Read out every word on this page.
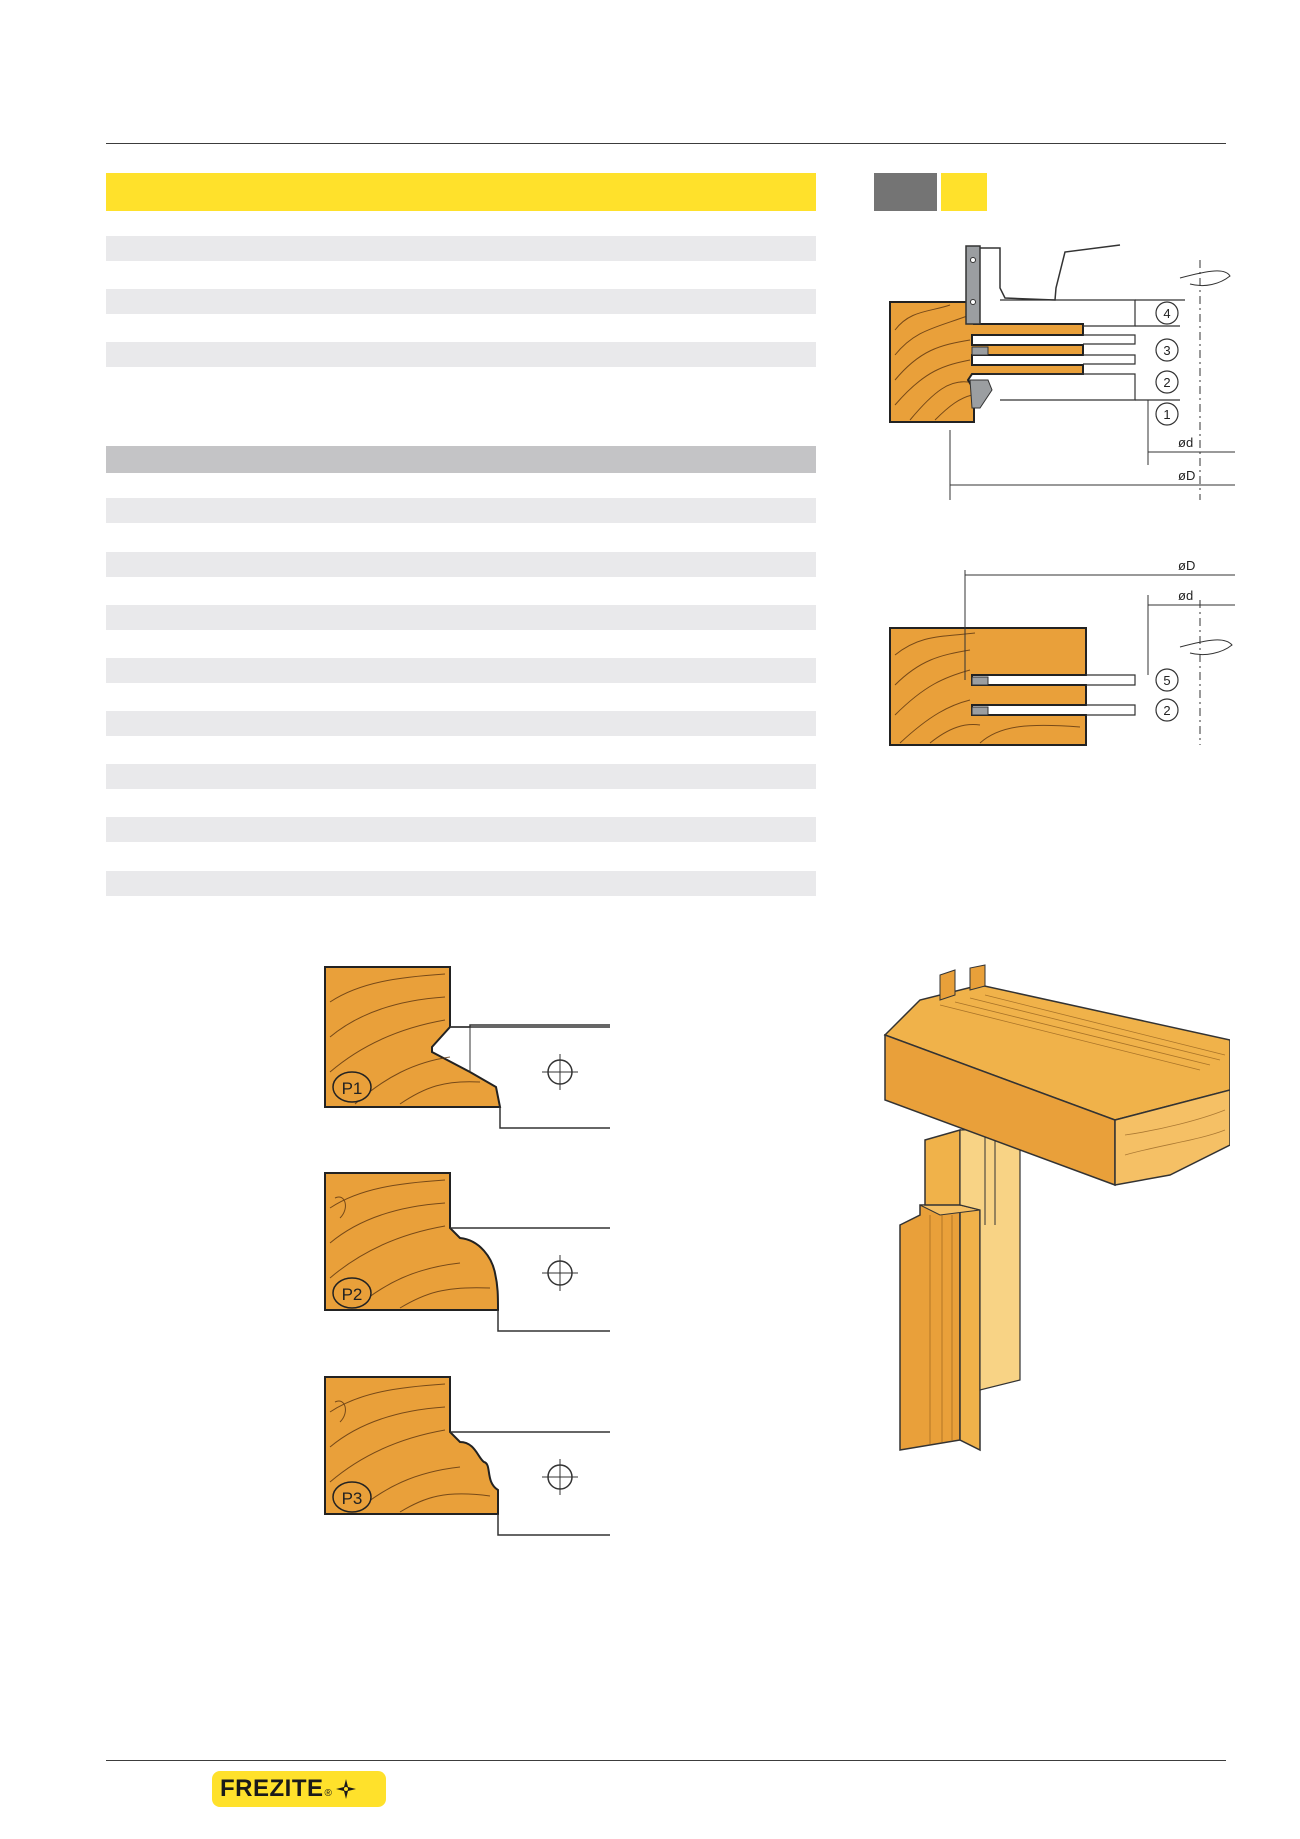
4
3
2
1
ød
øD
5
2
øD
ød
P1
P2
P3
FREZITE ®
